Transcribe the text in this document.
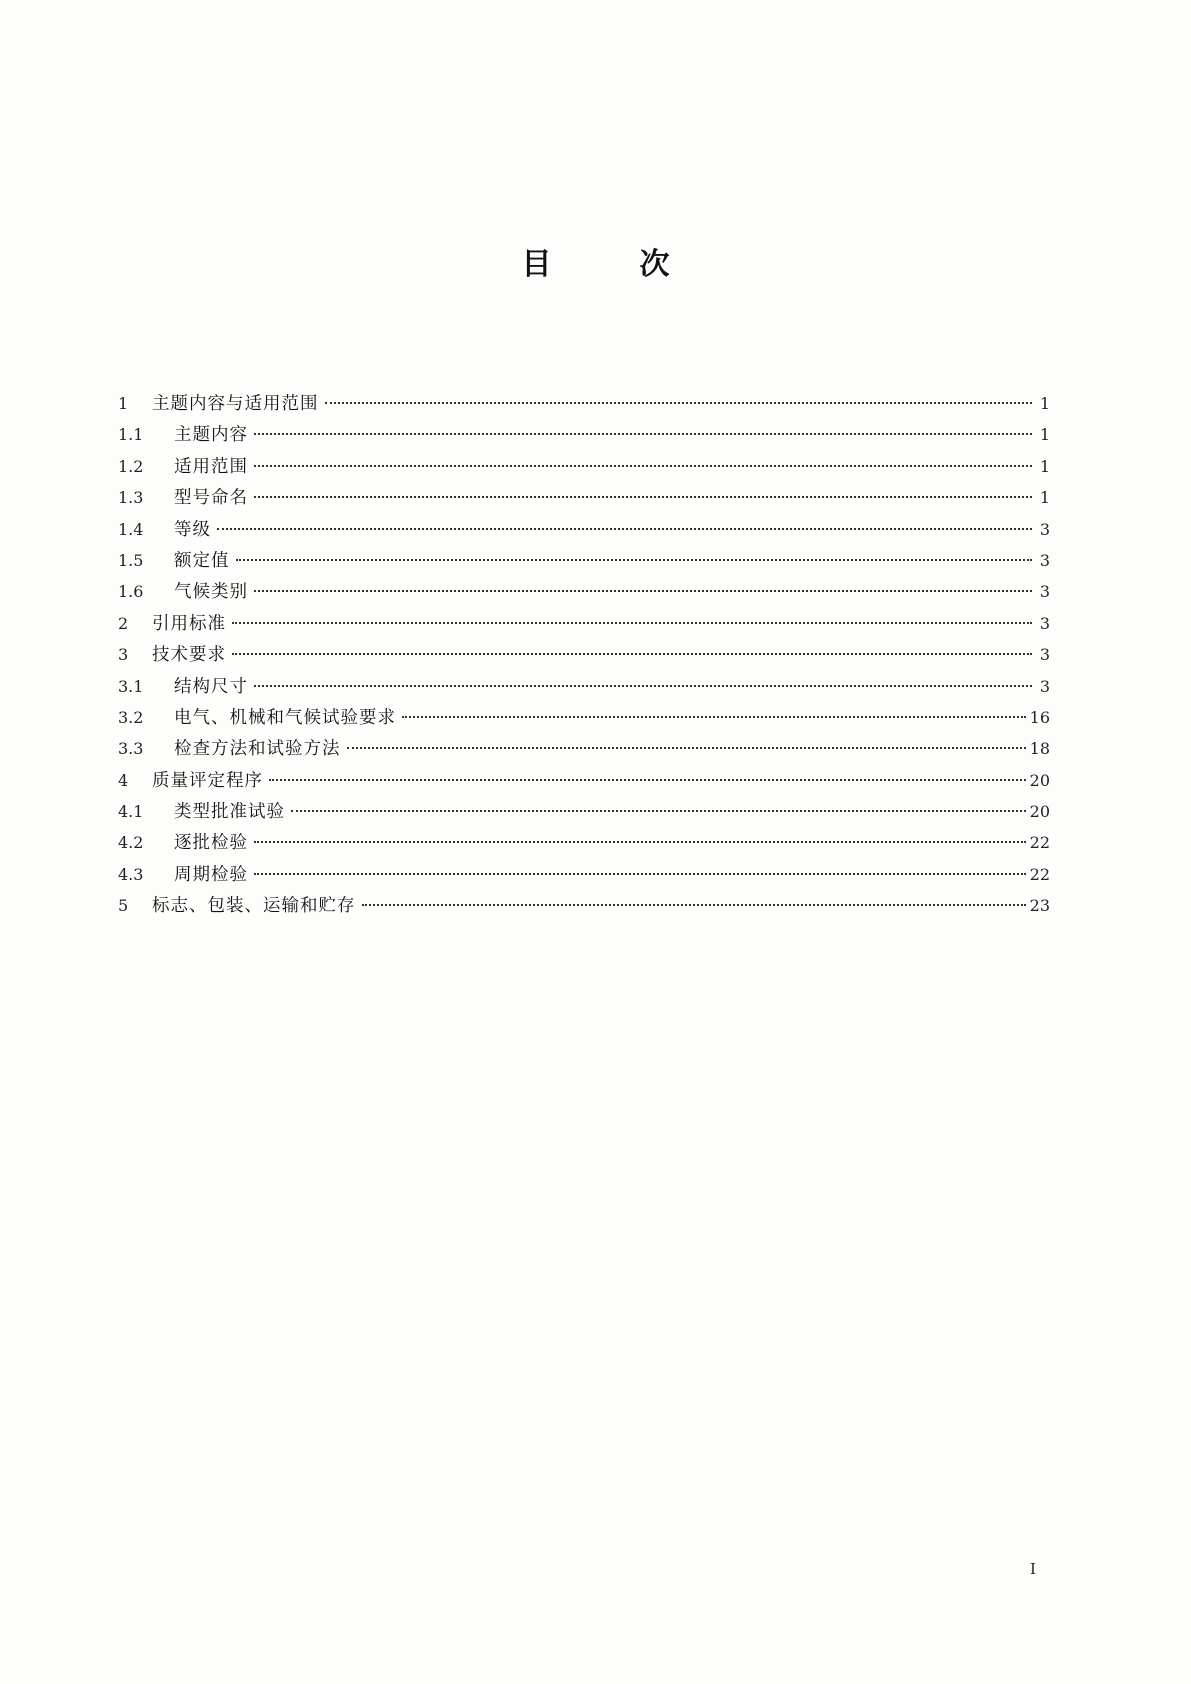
目次
1	主题内容与适用范围	1
1.1	主题内容	1
1.2	适用范围	1
1.3	型号命名	1
1.4	等级	3
1.5	额定值	3
1.6	气候类别	3
2	引用标准	3
3	技术要求	3
3.1	结构尺寸	3
3.2	电气、机械和气候试验要求	16
3.3	检查方法和试验方法	18
4	质量评定程序	20
4.1	类型批准试验	20
4.2	逐批检验	22
4.3	周期检验	22
5	标志、包装、运输和贮存	23
I
